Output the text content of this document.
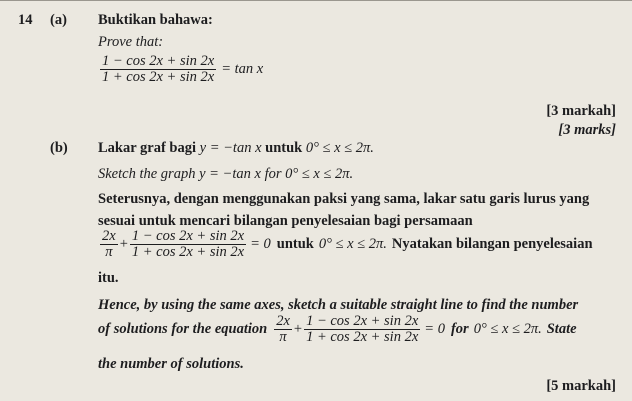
14 (a) Buktikan bahawa:
Prove that:
$\frac{1 - \cos 2x + \sin 2x}{1 + \cos 2x + \sin 2x} = \tan x$
[3 markah]
[3 marks]
(b) Lakar graf bagi y = −tan x untuk 0° ≤ x ≤ 2π.
Sketch the graph y = −tan x for 0° ≤ x ≤ 2π.
Seterusnya, dengan menggunakan paksi yang sama, lakar satu garis lurus yang
sesuai untuk mencari bilangan penyelesaian bagi persamaan
$\frac{2x}{\pi} + \frac{1 - \cos 2x + \sin 2x}{1 + \cos 2x + \sin 2x} = 0$ untuk 0° ≤ x ≤ 2π. Nyatakan bilangan penyelesaian
itu.
Hence, by using the same axes, sketch a suitable straight line to find the number
of solutions for the equation $\frac{2x}{\pi} + \frac{1 - \cos 2x + \sin 2x}{1 + \cos 2x + \sin 2x} = 0$ for 0° ≤ x ≤ 2π. State
the number of solutions.
[5 markah]
